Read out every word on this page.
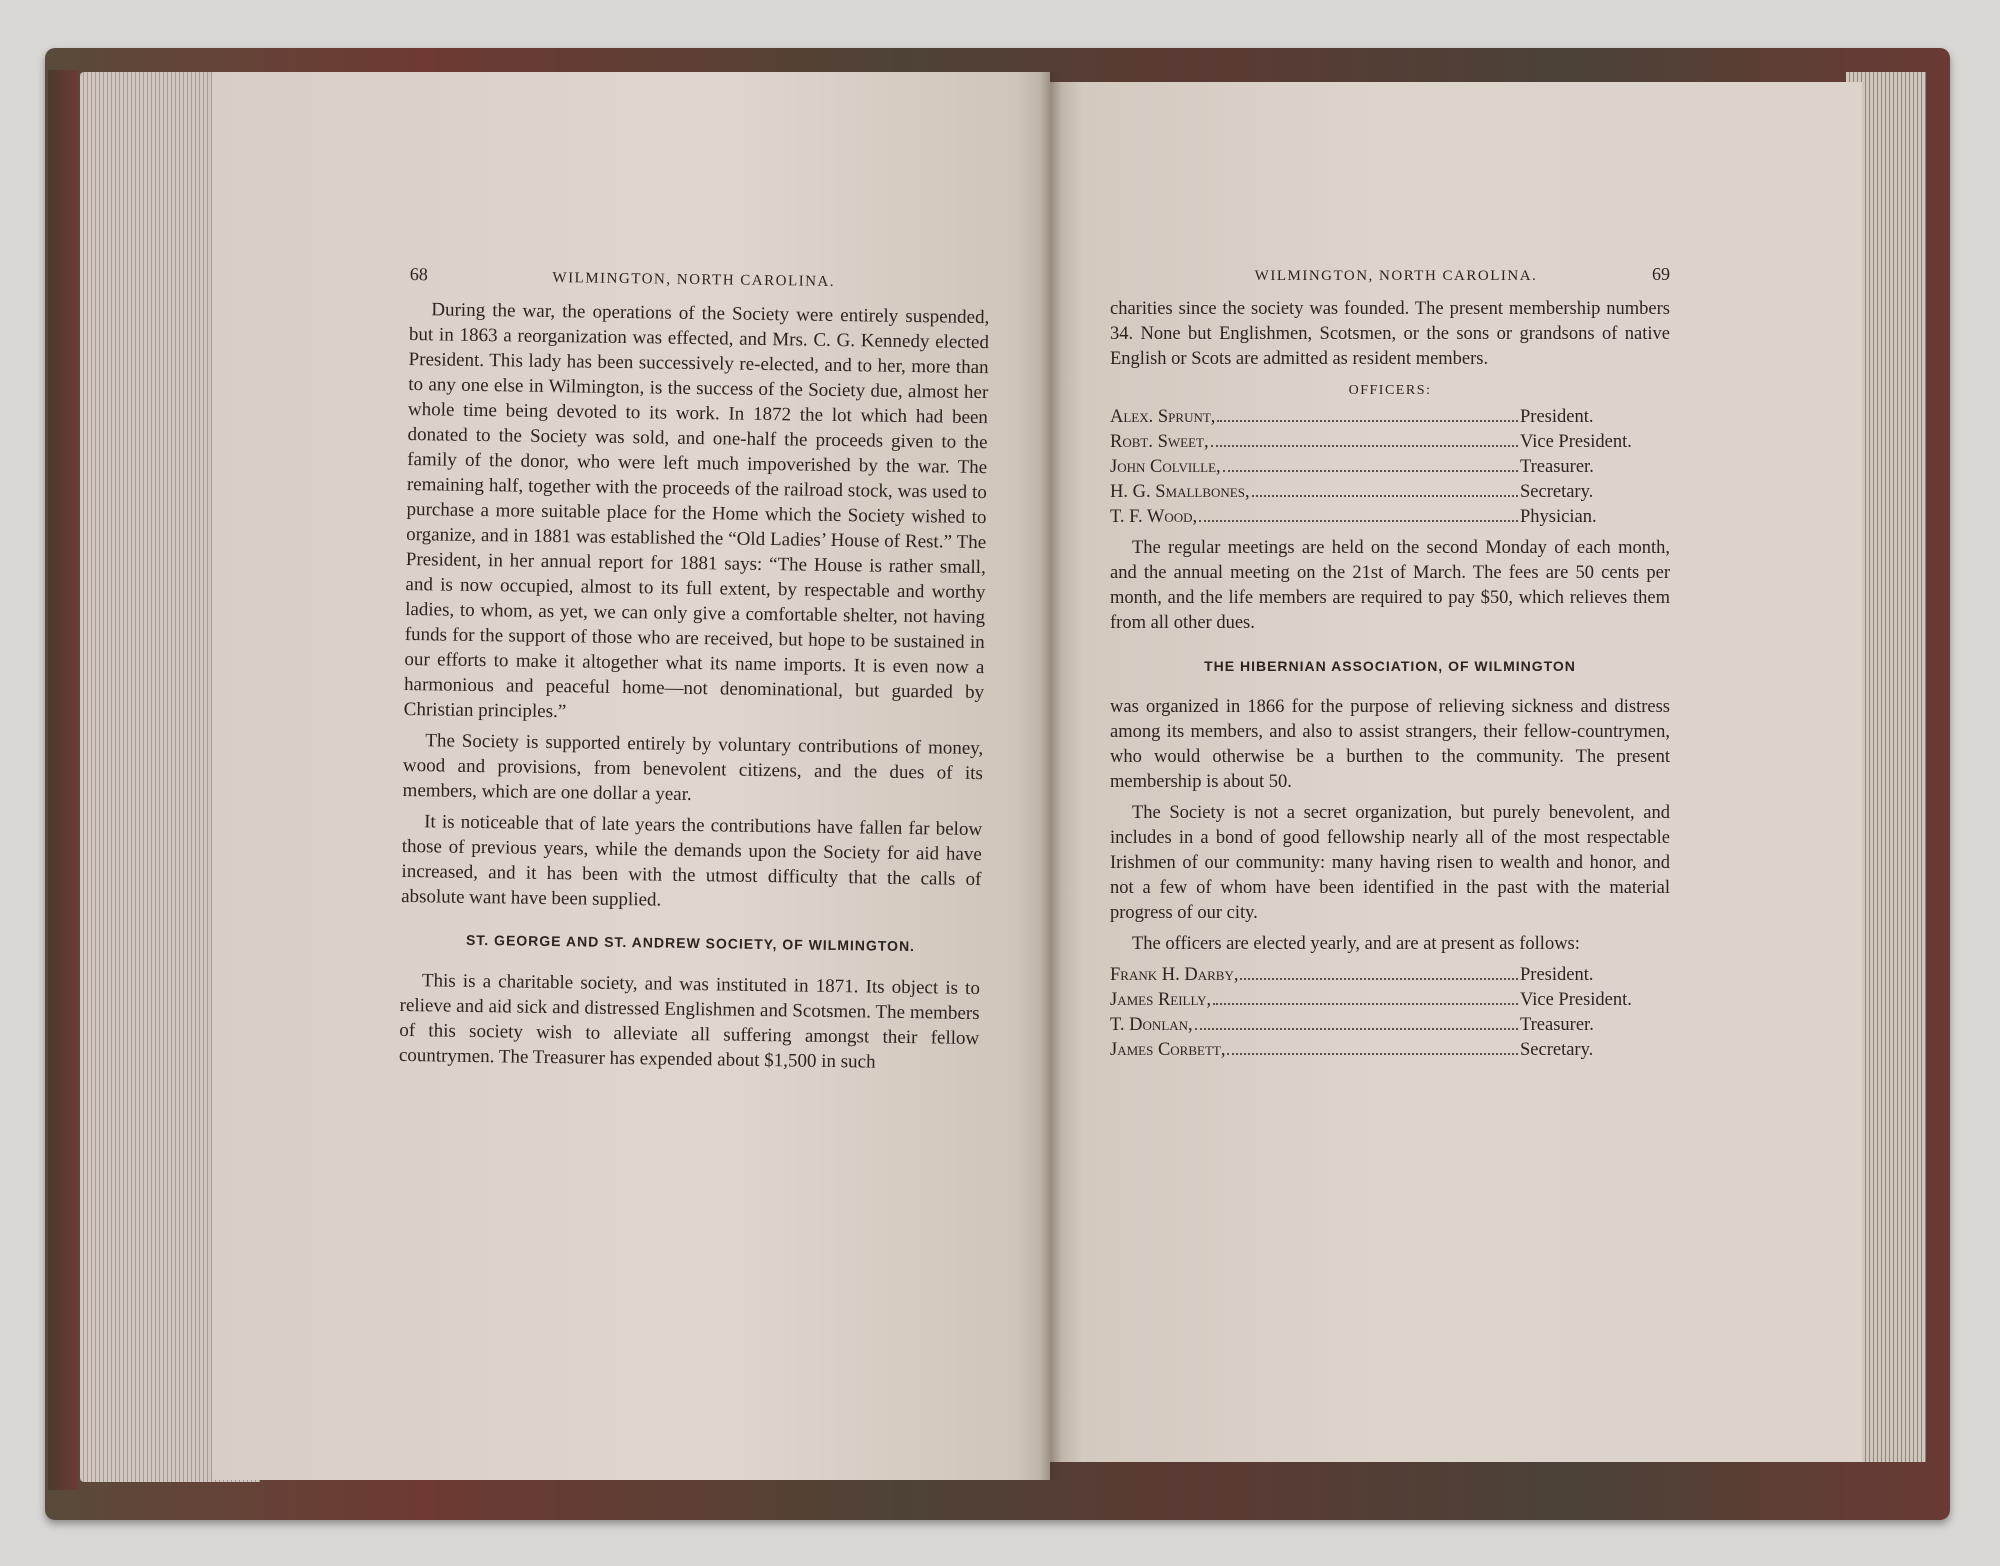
68	WILMINGTON, NORTH CAROLINA.

During the war, the operations of the Society were entirely suspended, but in 1863 a reorganization was effected, and Mrs. C. G. Kennedy elected President. This lady has been successively re-elected, and to her, more than to any one else in Wilmington, is the success of the Society due, almost her whole time being devoted to its work. In 1872 the lot which had been donated to the Society was sold, and one-half the proceeds given to the family of the donor, who were left much impoverished by the war. The remaining half, together with the proceeds of the railroad stock, was used to purchase a more suitable place for the Home which the Society wished to organize, and in 1881 was established the “Old Ladies’ House of Rest.” The President, in her annual report for 1881 says: “The House is rather small, and is now occupied, almost to its full extent, by respectable and worthy ladies, to whom, as yet, we can only give a comfortable shelter, not having funds for the support of those who are received, but hope to be sustained in our efforts to make it altogether what its name imports. It is even now a harmonious and peaceful home—not denominational, but guarded by Christian principles.”

The Society is supported entirely by voluntary contributions of money, wood and provisions, from benevolent citizens, and the dues of its members, which are one dollar a year.

It is noticeable that of late years the contributions have fallen far below those of previous years, while the demands upon the Society for aid have increased, and it has been with the utmost difficulty that the calls of absolute want have been supplied.

ST. GEORGE AND ST. ANDREW SOCIETY, OF WILMINGTON.

This is a charitable society, and was instituted in 1871. Its object is to relieve and aid sick and distressed Englishmen and Scotsmen. The members of this society wish to alleviate all suffering amongst their fellow countrymen. The Treasurer has expended about $1,500 in such

WILMINGTON, NORTH CAROLINA.	69

charities since the society was founded. The present membership numbers 34. None but Englishmen, Scotsmen, or the sons or grandsons of native English or Scots are admitted as resident members.

OFFICERS:
Alex. Sprunt,	President.
Robt. Sweet,	Vice President.
John Colville,	Treasurer.
H. G. Smallbones,	Secretary.
T. F. Wood,	Physician.

The regular meetings are held on the second Monday of each month, and the annual meeting on the 21st of March. The fees are 50 cents per month, and the life members are required to pay $50, which relieves them from all other dues.

THE HIBERNIAN ASSOCIATION, OF WILMINGTON

was organized in 1866 for the purpose of relieving sickness and distress among its members, and also to assist strangers, their fellow-countrymen, who would otherwise be a burthen to the community. The present membership is about 50.

The Society is not a secret organization, but purely benevolent, and includes in a bond of good fellowship nearly all of the most respectable Irishmen of our community: many having risen to wealth and honor, and not a few of whom have been identified in the past with the material progress of our city.

The officers are elected yearly, and are at present as follows:

Frank H. Darby,	President.
James Reilly,	Vice President.
T. Donlan,	Treasurer.
James Corbett,	Secretary.
